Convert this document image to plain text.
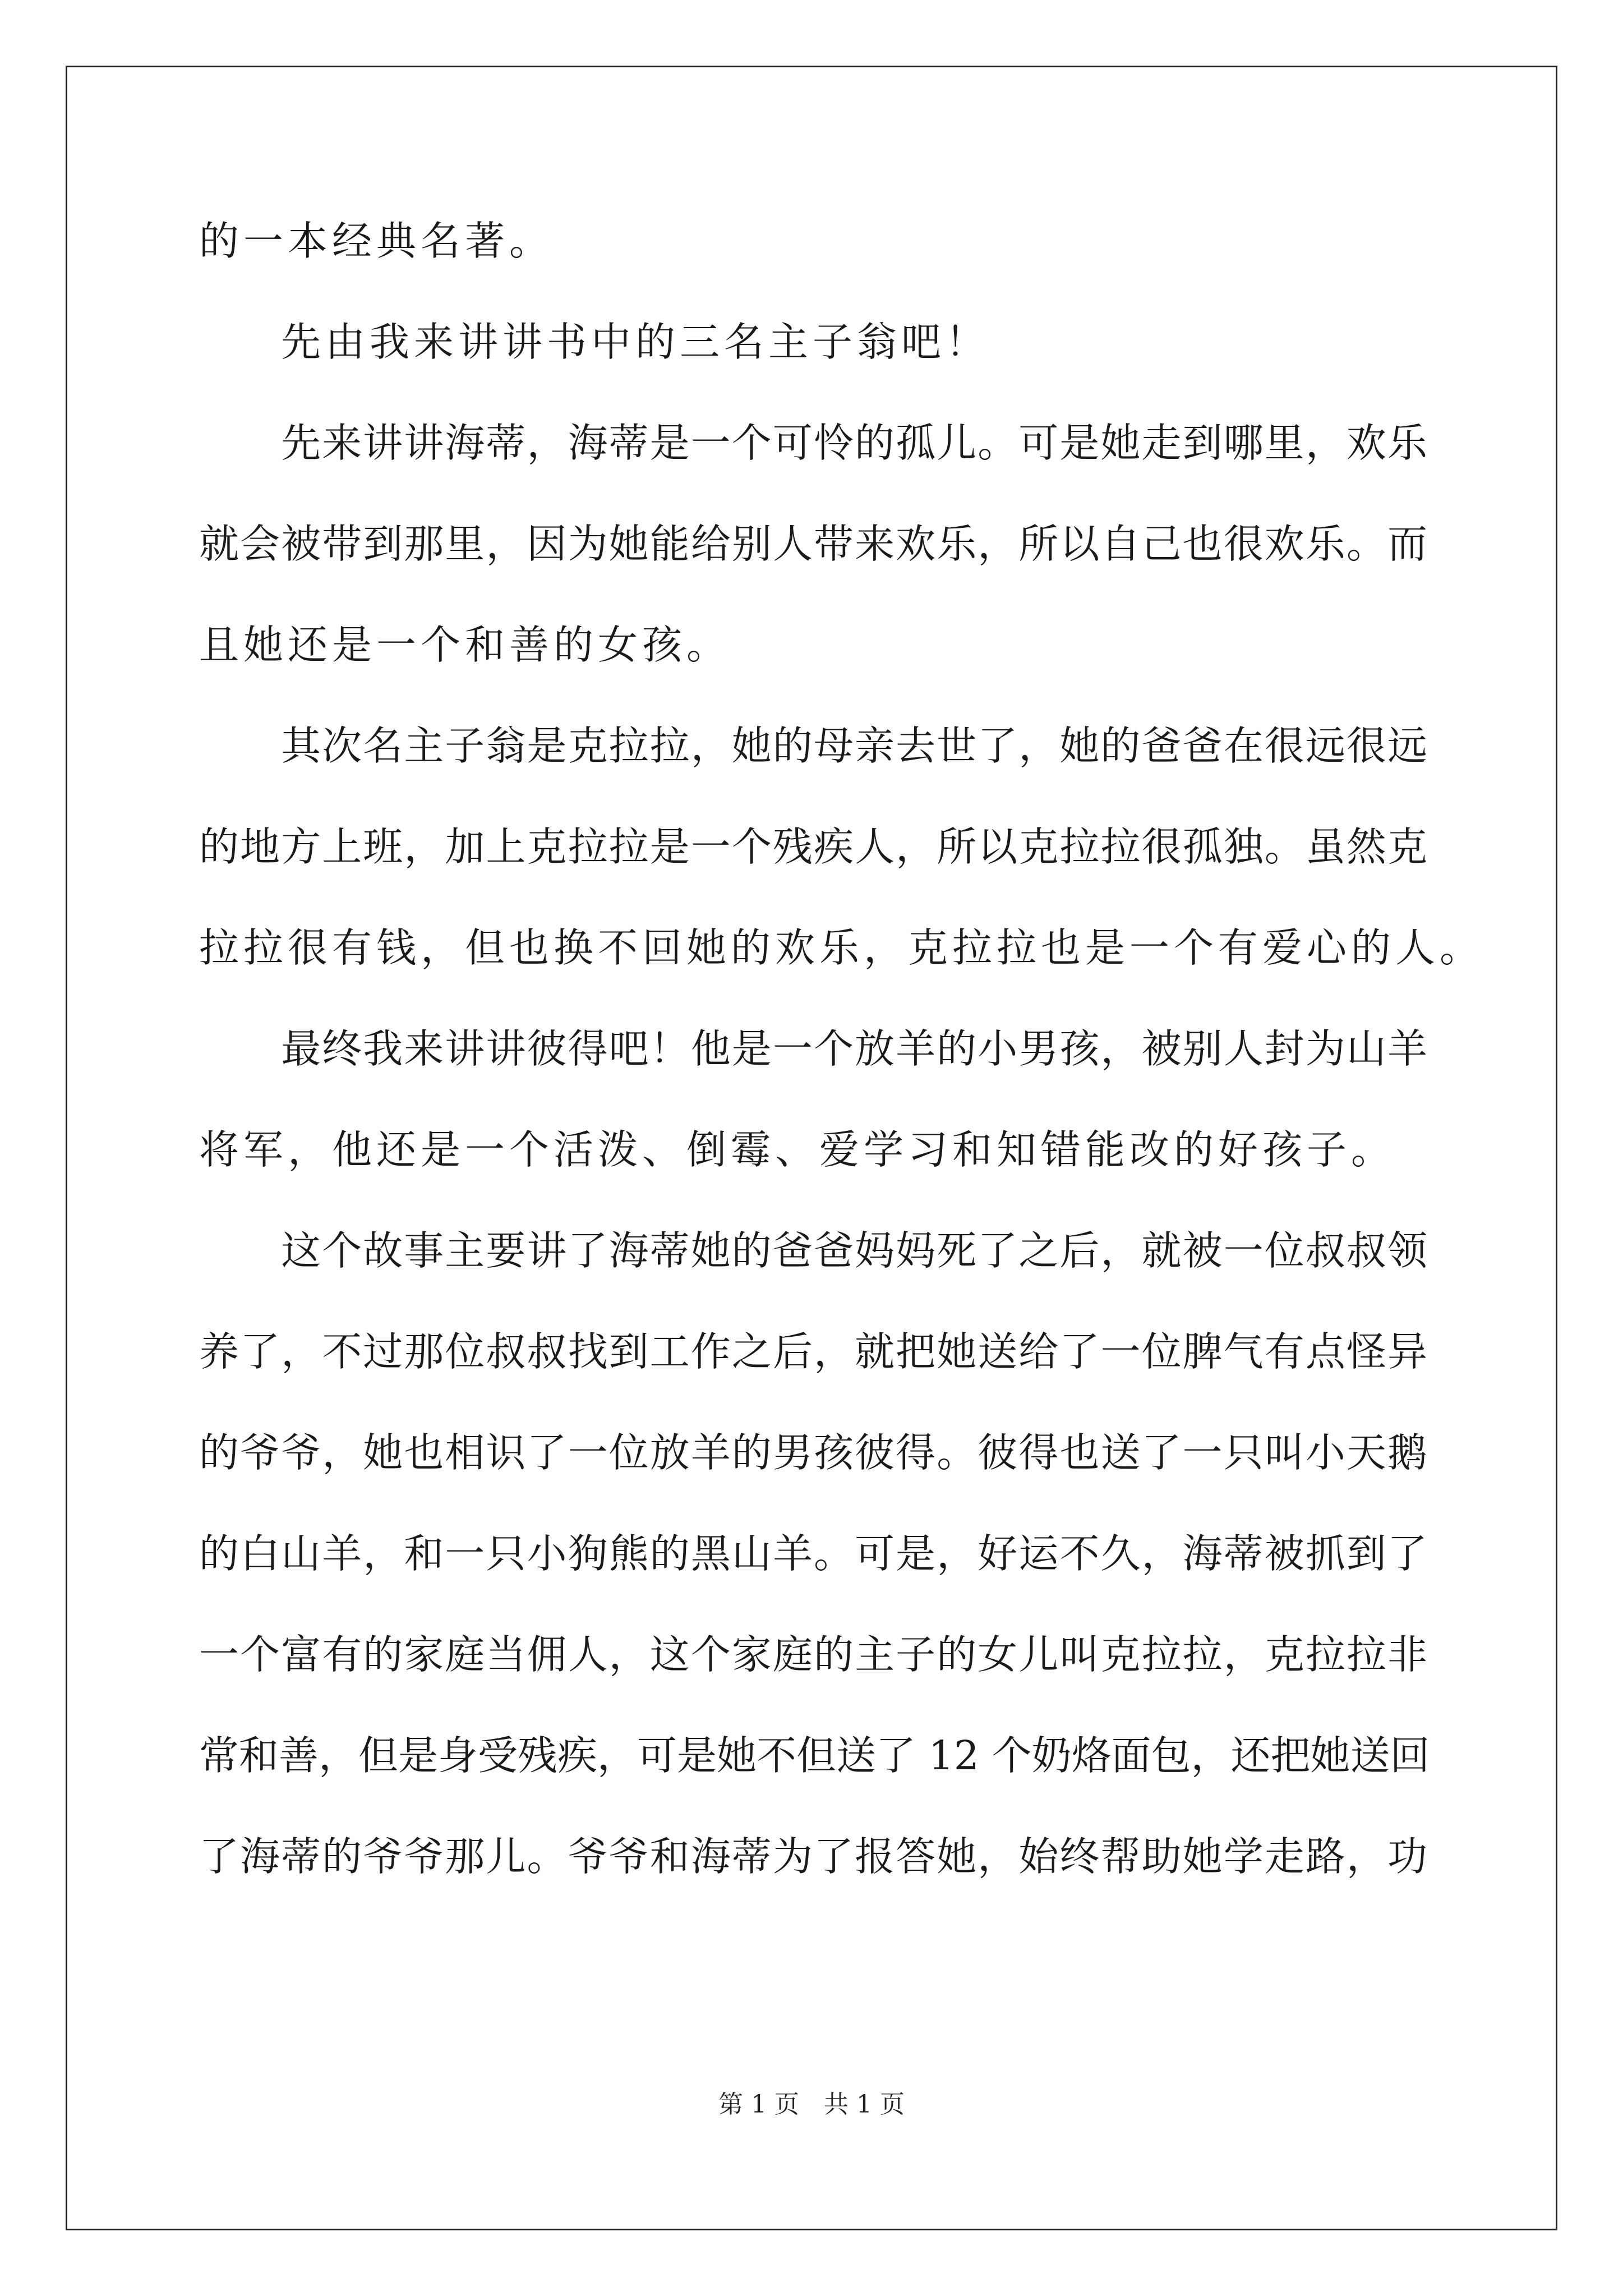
的一本经典名著。
先由我来讲讲书中的三名主子翁吧！
先来讲讲海蒂，海蒂是一个可怜的孤儿。可是她走到哪里，欢乐
就会被带到那里，因为她能给别人带来欢乐，所以自己也很欢乐。而
且她还是一个和善的女孩。
其次名主子翁是克拉拉，她的母亲去世了，她的爸爸在很远很远
的地方上班，加上克拉拉是一个残疾人，所以克拉拉很孤独。虽然克
拉拉很有钱，但也换不回她的欢乐，克拉拉也是一个有爱心的人。
最终我来讲讲彼得吧！他是一个放羊的小男孩，被别人封为山羊
将军，他还是一个活泼、倒霉、爱学习和知错能改的好孩子。
这个故事主要讲了海蒂她的爸爸妈妈死了之后，就被一位叔叔领
养了，不过那位叔叔找到工作之后，就把她送给了一位脾气有点怪异
的爷爷，她也相识了一位放羊的男孩彼得。彼得也送了一只叫小天鹅
的白山羊，和一只小狗熊的黑山羊。可是，好运不久，海蒂被抓到了
一个富有的家庭当佣人，这个家庭的主子的女儿叫克拉拉，克拉拉非
常和善，但是身受残疾，可是她不但送了 12 个奶烙面包，还把她送回
了海蒂的爷爷那儿。爷爷和海蒂为了报答她，始终帮助她学走路，功
第 1 页 共 1 页
